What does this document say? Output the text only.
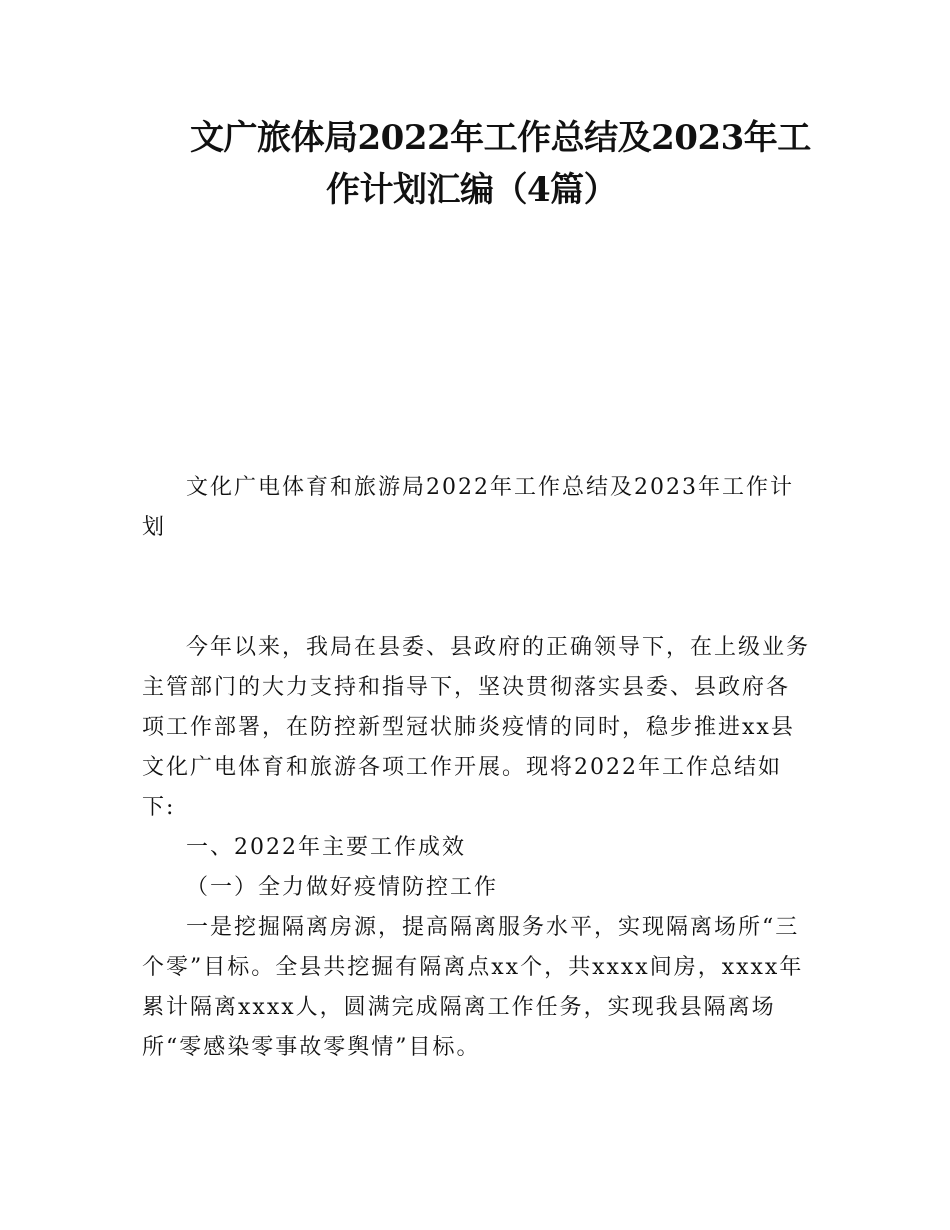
文广旅体局2022年工作总结及2023年工
作计划汇编（4篇）

文化广电体育和旅游局2022年工作总结及2023年工作计划

今年以来，我局在县委、县政府的正确领导下，在上级业务主管部门的大力支持和指导下，坚决贯彻落实县委、县政府各项工作部署，在防控新型冠状肺炎疫情的同时，稳步推进xx县文化广电体育和旅游各项工作开展。现将2022年工作总结如下:

一、2022年主要工作成效

（一）全力做好疫情防控工作

一是挖掘隔离房源，提高隔离服务水平，实现隔离场所“三个零”目标。全县共挖掘有隔离点xx个，共xxxx间房，xxxx年累计隔离xxxx人，圆满完成隔离工作任务，实现我县隔离场所“零感染零事故零舆情”目标。
